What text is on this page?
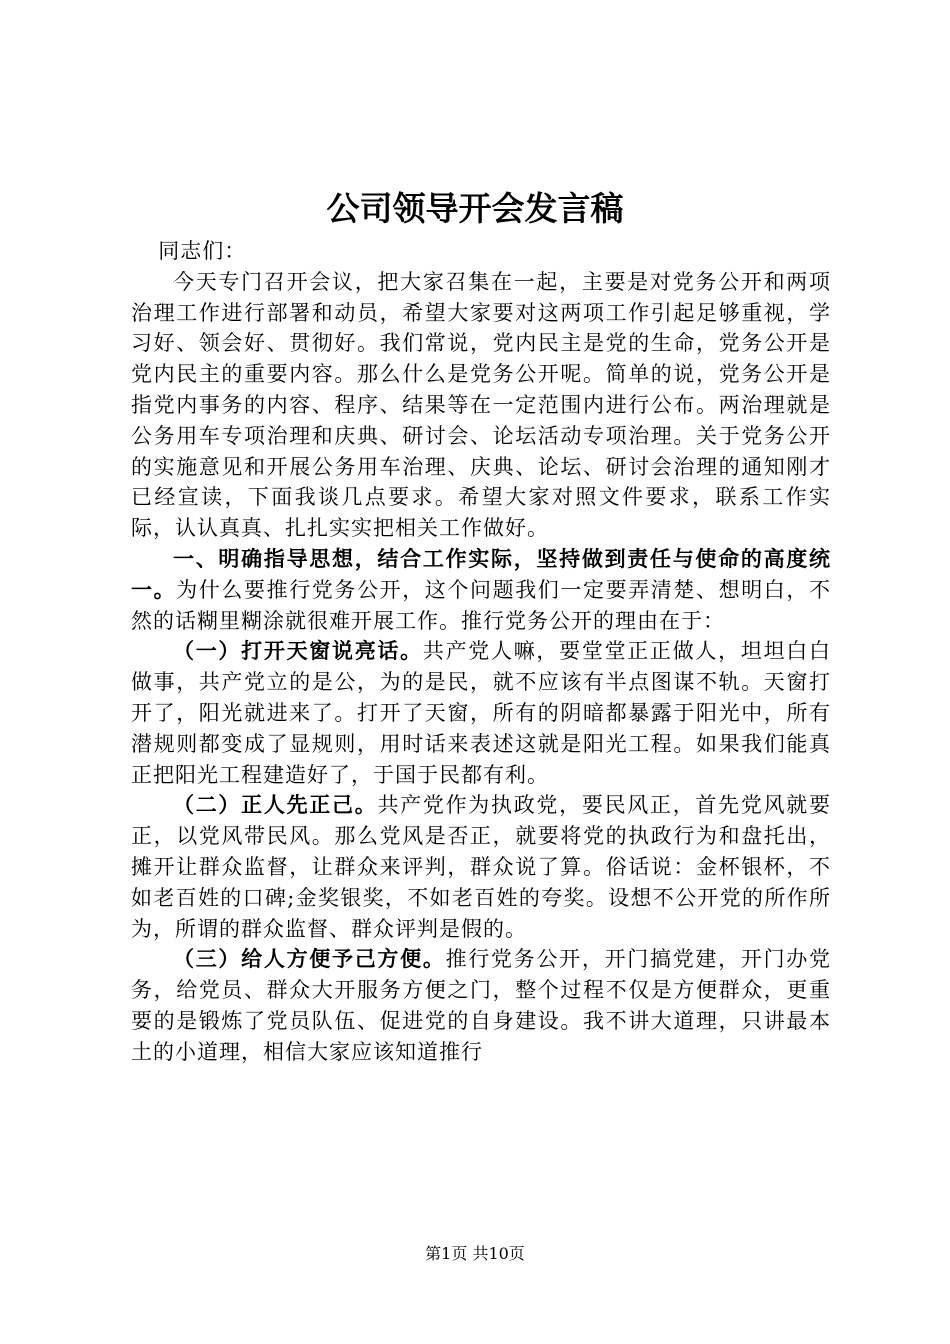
公司领导开会发言稿

同志们：

今天专门召开会议，把大家召集在一起，主要是对党务公开和两项治理工作进行部署和动员，希望大家要对这两项工作引起足够重视，学习好、领会好、贯彻好。我们常说，党内民主是党的生命，党务公开是党内民主的重要内容。那么什么是党务公开呢。简单的说，党务公开是指党内事务的内容、程序、结果等在一定范围内进行公布。两治理就是公务用车专项治理和庆典、研讨会、论坛活动专项治理。关于党务公开的实施意见和开展公务用车治理、庆典、论坛、研讨会治理的通知刚才已经宣读，下面我谈几点要求。希望大家对照文件要求，联系工作实际，认认真真、扎扎实实把相关工作做好。

一、明确指导思想，结合工作实际，坚持做到责任与使命的高度统一。为什么要推行党务公开，这个问题我们一定要弄清楚、想明白，不然的话糊里糊涂就很难开展工作。推行党务公开的理由在于：

（一）打开天窗说亮话。共产党人嘛，要堂堂正正做人，坦坦白白做事，共产党立的是公，为的是民，就不应该有半点图谋不轨。天窗打开了，阳光就进来了。打开了天窗，所有的阴暗都暴露于阳光中，所有潜规则都变成了显规则，用时话来表述这就是阳光工程。如果我们能真正把阳光工程建造好了，于国于民都有利。

（二）正人先正己。共产党作为执政党，要民风正，首先党风就要正，以党风带民风。那么党风是否正，就要将党的执政行为和盘托出，摊开让群众监督，让群众来评判，群众说了算。俗话说：金杯银杯，不如老百姓的口碑;金奖银奖，不如老百姓的夸奖。设想不公开党的所作所为，所谓的群众监督、群众评判是假的。

（三）给人方便予己方便。推行党务公开，开门搞党建，开门办党务，给党员、群众大开服务方便之门，整个过程不仅是方便群众，更重要的是锻炼了党员队伍、促进党的自身建设。我不讲大道理，只讲最本土的小道理，相信大家应该知道推行

第1页 共10页
